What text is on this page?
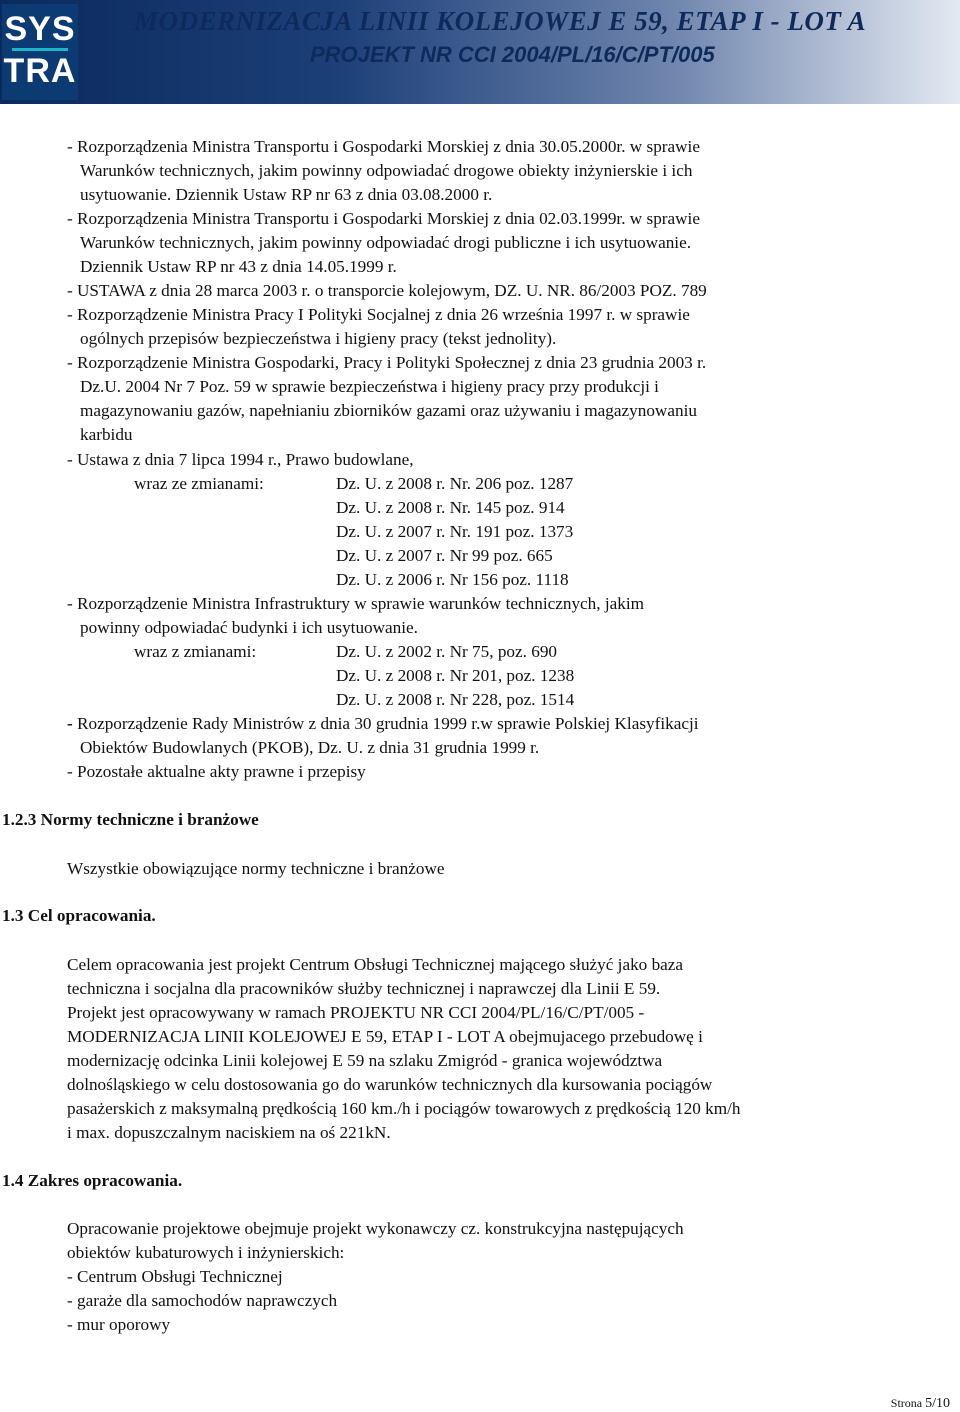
SYS
TRA
MODERNIZACJA LINII KOLEJOWEJ E 59, ETAP I - LOT A
PROJEKT NR CCI 2004/PL/16/C/PT/005
- Rozporządzenia Ministra Transportu i Gospodarki Morskiej z dnia 30.05.2000r. w sprawie
Warunków technicznych, jakim powinny odpowiadać drogowe obiekty inżynierskie i ich
usytuowanie. Dziennik Ustaw RP nr 63 z dnia 03.08.2000 r.
- Rozporządzenia Ministra Transportu i Gospodarki Morskiej z dnia 02.03.1999r. w sprawie
Warunków technicznych, jakim powinny odpowiadać drogi publiczne i ich usytuowanie.
Dziennik Ustaw RP nr 43 z dnia 14.05.1999 r.
- USTAWA z dnia 28 marca 2003 r. o transporcie kolejowym, DZ. U. NR. 86/2003 POZ. 789
- Rozporządzenie Ministra Pracy I Polityki Socjalnej z dnia 26 września 1997 r. w sprawie
ogólnych przepisów bezpieczeństwa i higieny pracy (tekst jednolity).
- Rozporządzenie Ministra Gospodarki, Pracy i Polityki Społecznej z dnia 23 grudnia 2003 r.
Dz.U. 2004 Nr 7 Poz. 59 w sprawie bezpieczeństwa i higieny pracy przy produkcji i
magazynowaniu gazów, napełnianiu zbiorników gazami oraz używaniu i magazynowaniu
karbidu
- Ustawa z dnia 7 lipca 1994 r., Prawo budowlane,
wraz ze zmianami:	Dz. U. z 2008 r. Nr. 206 poz. 1287
Dz. U. z 2008 r. Nr. 145 poz. 914
Dz. U. z 2007 r. Nr. 191 poz. 1373
Dz. U. z 2007 r. Nr 99 poz. 665
Dz. U. z 2006 r. Nr 156 poz. 1118
- Rozporządzenie Ministra Infrastruktury w sprawie warunków technicznych, jakim
powinny odpowiadać budynki i ich usytuowanie.
wraz z zmianami:	Dz. U. z 2002 r. Nr 75, poz. 690
Dz. U. z 2008 r. Nr 201, poz. 1238
Dz. U. z 2008 r. Nr 228, poz. 1514
- Rozporządzenie Rady Ministrów z dnia 30 grudnia 1999 r.w sprawie Polskiej Klasyfikacji
Obiektów Budowlanych (PKOB), Dz. U. z dnia 31 grudnia 1999 r.
- Pozostałe aktualne akty prawne i przepisy
1.2.3 Normy techniczne i branżowe
Wszystkie obowiązujące normy techniczne i branżowe
1.3 Cel opracowania.
Celem opracowania jest projekt Centrum Obsługi Technicznej mającego służyć jako baza
techniczna i socjalna dla pracowników służby technicznej i naprawczej dla Linii E 59.
Projekt jest opracowywany w ramach PROJEKTU NR CCI 2004/PL/16/C/PT/005 -
MODERNIZACJA LINII KOLEJOWEJ E 59, ETAP I - LOT A obejmujacego przebudowę i
modernizację odcinka Linii kolejowej E 59 na szlaku Zmigród - granica województwa
dolnośląskiego w celu dostosowania go do warunków technicznych dla kursowania pociągów
pasażerskich z maksymalną prędkością 160 km./h i pociągów towarowych z prędkością 120 km/h
i max. dopuszczalnym naciskiem na oś 221kN.
1.4 Zakres opracowania.
Opracowanie projektowe obejmuje projekt wykonawczy cz. konstrukcyjna następujących
obiektów kubaturowych i inżynierskich:
- Centrum Obsługi Technicznej
- garaże dla samochodów naprawczych
- mur oporowy
Strona 5/10
